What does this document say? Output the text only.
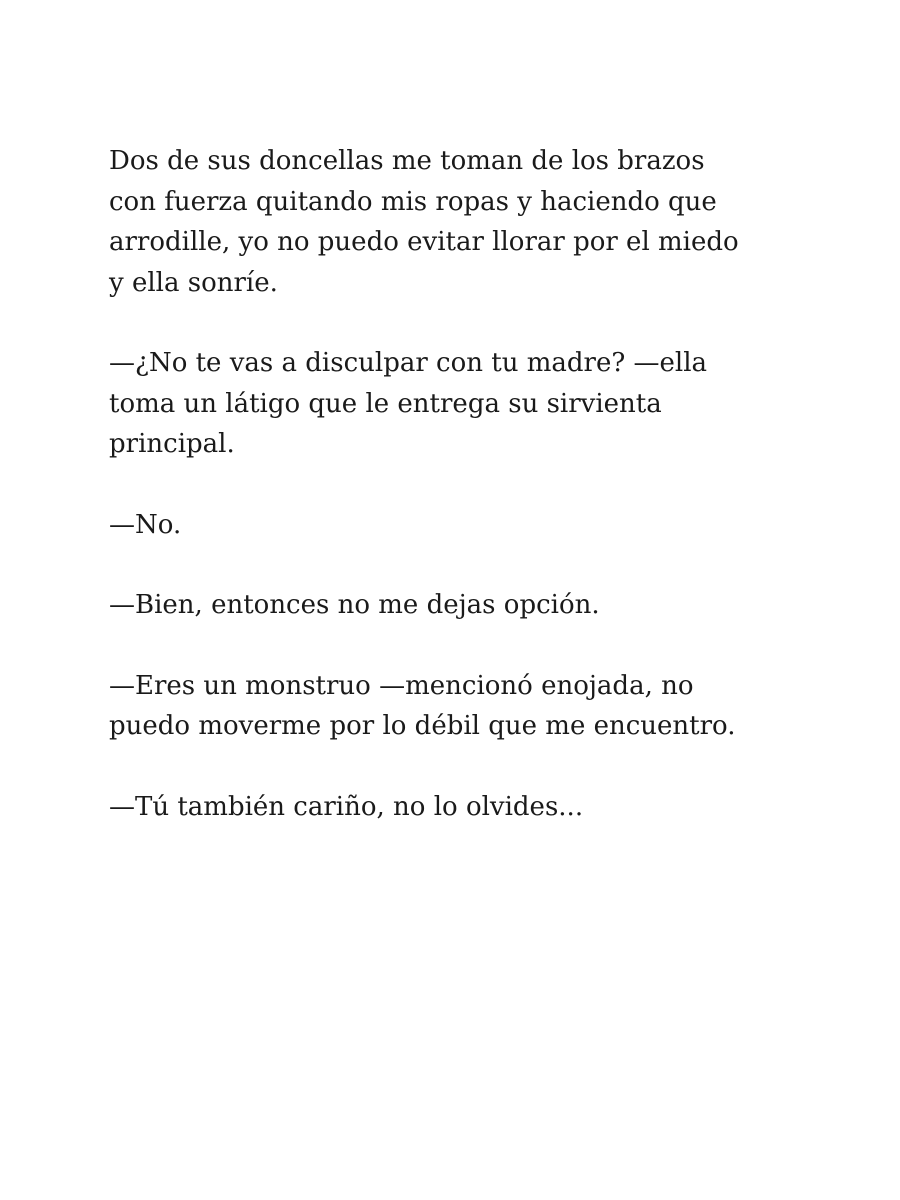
Dos de sus doncellas me toman de los brazos
con fuerza quitando mis ropas y haciendo que
arrodille, yo no puedo evitar llorar por el miedo
y ella sonríe.

—¿No te vas a disculpar con tu madre? —ella
toma un látigo que le entrega su sirvienta
principal.

—No.

—Bien, entonces no me dejas opción.

—Eres un monstruo —mencionó enojada, no
puedo moverme por lo débil que me encuentro.

—Tú también cariño, no lo olvides...
